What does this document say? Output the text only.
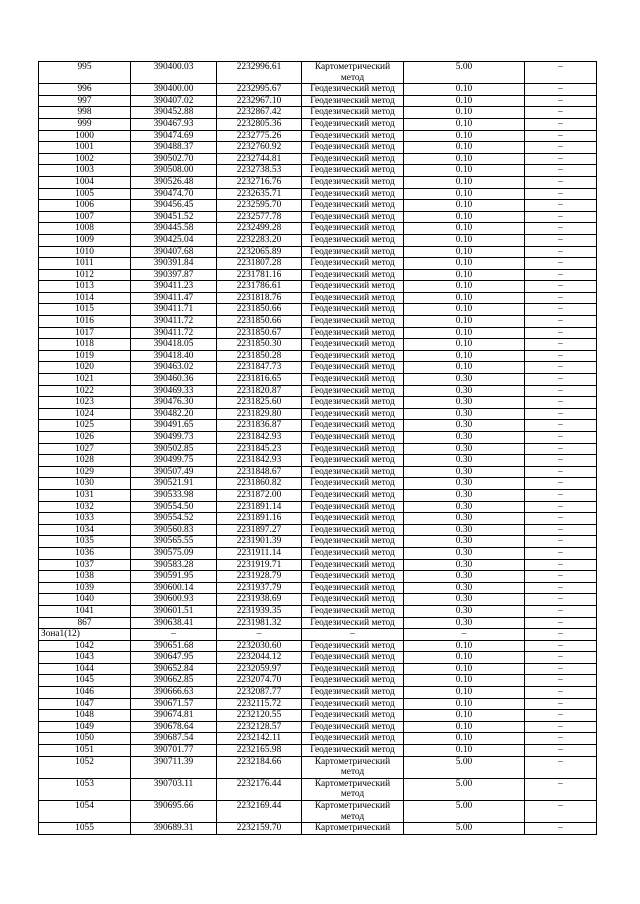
995	390400.03	2232996.61	Картометрический метод	5.00	–
996	390400.00	2232995.67	Геодезический метод	0.10	–
997	390407.02	2232967.10	Геодезический метод	0.10	–
998	390452.88	2232867.42	Геодезический метод	0.10	–
999	390467.93	2232805.36	Геодезический метод	0.10	–
1000	390474.69	2232775.26	Геодезический метод	0.10	–
1001	390488.37	2232760.92	Геодезический метод	0.10	–
1002	390502.70	2232744.81	Геодезический метод	0.10	–
1003	390508.00	2232738.53	Геодезический метод	0.10	–
1004	390526.48	2232716.76	Геодезический метод	0.10	–
1005	390474.70	2232635.71	Геодезический метод	0.10	–
1006	390456.45	2232595.70	Геодезический метод	0.10	–
1007	390451.52	2232577.78	Геодезический метод	0.10	–
1008	390445.58	2232499.28	Геодезический метод	0.10	–
1009	390425.04	2232283.20	Геодезический метод	0.10	–
1010	390407.68	2232065.89	Геодезический метод	0.10	–
1011	390391.84	2231807.28	Геодезический метод	0.10	–
1012	390397.87	2231781.16	Геодезический метод	0.10	–
1013	390411.23	2231786.61	Геодезический метод	0.10	–
1014	390411.47	2231818.76	Геодезический метод	0.10	–
1015	390411.71	2231850.66	Геодезический метод	0.10	–
1016	390411.72	2231850.66	Геодезический метод	0.10	–
1017	390411.72	2231850.67	Геодезический метод	0.10	–
1018	390418.05	2231850.30	Геодезический метод	0.10	–
1019	390418.40	2231850.28	Геодезический метод	0.10	–
1020	390463.02	2231847.73	Геодезический метод	0.10	–
1021	390460.36	2231816.65	Геодезический метод	0.30	–
1022	390469.33	2231820.87	Геодезический метод	0.30	–
1023	390476.30	2231825.60	Геодезический метод	0.30	–
1024	390482.20	2231829.80	Геодезический метод	0.30	–
1025	390491.65	2231836.87	Геодезический метод	0.30	–
1026	390499.73	2231842.93	Геодезический метод	0.30	–
1027	390502.85	2231845.23	Геодезический метод	0.30	–
1028	390499.75	2231842.93	Геодезический метод	0.30	–
1029	390507.49	2231848.67	Геодезический метод	0.30	–
1030	390521.91	2231860.82	Геодезический метод	0.30	–
1031	390533.98	2231872.00	Геодезический метод	0.30	–
1032	390554.50	2231891.14	Геодезический метод	0.30	–
1033	390554.52	2231891.16	Геодезический метод	0.30	–
1034	390560.83	2231897.27	Геодезический метод	0.30	–
1035	390565.55	2231901.39	Геодезический метод	0.30	–
1036	390575.09	2231911.14	Геодезический метод	0.30	–
1037	390583.28	2231919.71	Геодезический метод	0.30	–
1038	390591.95	2231928.79	Геодезический метод	0.30	–
1039	390600.14	2231937.79	Геодезический метод	0.30	–
1040	390600.93	2231938.69	Геодезический метод	0.30	–
1041	390601.51	2231939.35	Геодезический метод	0.30	–
867	390638.41	2231981.32	Геодезический метод	0.30	–
Зона1(12)	–	–	–	–	–
1042	390651.68	2232030.60	Геодезический метод	0.10	–
1043	390647.95	2232044.12	Геодезический метод	0.10	–
1044	390652.84	2232059.97	Геодезический метод	0.10	–
1045	390662.85	2232074.70	Геодезический метод	0.10	–
1046	390666.63	2232087.77	Геодезический метод	0.10	–
1047	390671.57	2232115.72	Геодезический метод	0.10	–
1048	390674.81	2232120.55	Геодезический метод	0.10	–
1049	390678.64	2232128.57	Геодезический метод	0.10	–
1050	390687.54	2232142.11	Геодезический метод	0.10	–
1051	390701.77	2232165.98	Геодезический метод	0.10	–
1052	390711.39	2232184.66	Картометрический метод	5.00	–
1053	390703.11	2232176.44	Картометрический метод	5.00	–
1054	390695.66	2232169.44	Картометрический метод	5.00	–
1055	390689.31	2232159.70	Картометрический	5.00	–
